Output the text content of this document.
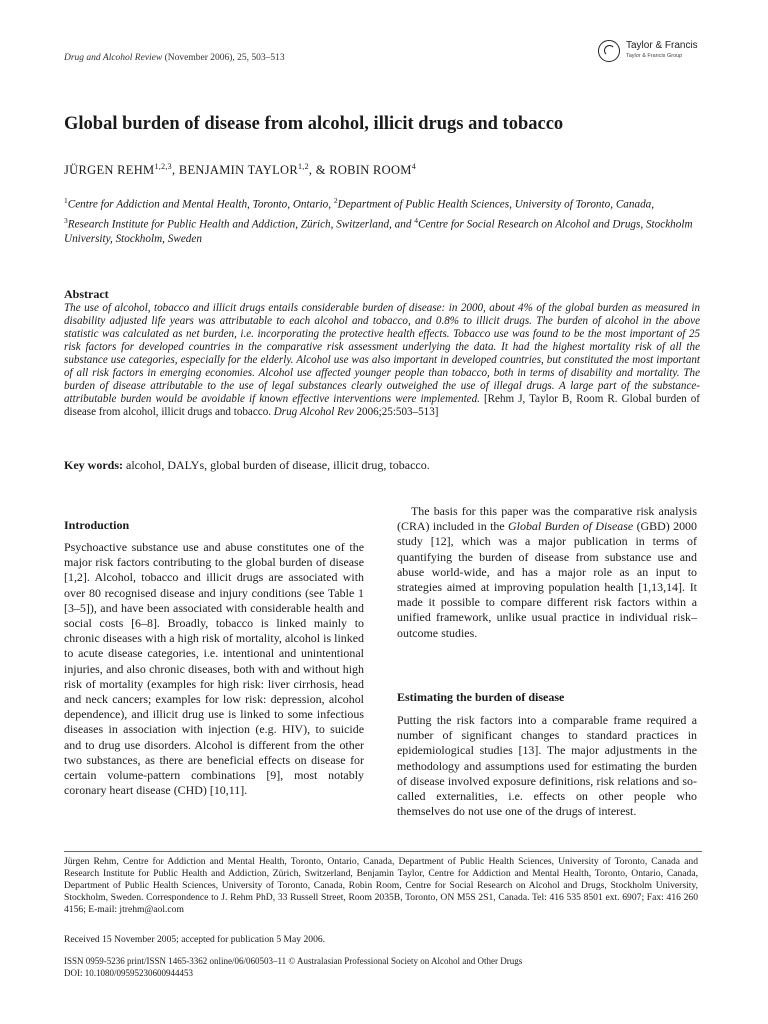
Drug and Alcohol Review (November 2006), 25, 503–513
Taylor & Francis
Taylor & Francis Group
Global burden of disease from alcohol, illicit drugs and tobacco
JÜRGEN REHM$^{1,2,3}$, BENJAMIN TAYLOR$^{1,2}$, & ROBIN ROOM$^4$
$^1$Centre for Addiction and Mental Health, Toronto, Ontario, $^2$Department of Public Health Sciences, University of Toronto, Canada, $^3$Research Institute for Public Health and Addiction, Zürich, Switzerland, and $^4$Centre for Social Research on Alcohol and Drugs, Stockholm University, Stockholm, Sweden
Abstract
The use of alcohol, tobacco and illicit drugs entails considerable burden of disease: in 2000, about 4% of the global burden as measured in disability adjusted life years was attributable to each alcohol and tobacco, and 0.8% to illicit drugs. The burden of alcohol in the above statistic was calculated as net burden, i.e. incorporating the protective health effects. Tobacco use was found to be the most important of 25 risk factors for developed countries in the comparative risk assessment underlying the data. It had the highest mortality risk of all the substance use categories, especially for the elderly. Alcohol use was also important in developed countries, but constituted the most important of all risk factors in emerging economies. Alcohol use affected younger people than tobacco, both in terms of disability and mortality. The burden of disease attributable to the use of legal substances clearly outweighed the use of illegal drugs. A large part of the substance-attributable burden would be avoidable if known effective interventions were implemented. [Rehm J, Taylor B, Room R. Global burden of disease from alcohol, illicit drugs and tobacco. Drug Alcohol Rev 2006;25:503–513]
Key words: alcohol, DALYs, global burden of disease, illicit drug, tobacco.
Introduction

Psychoactive substance use and abuse constitutes one of the major risk factors contributing to the global burden of disease [1,2]. Alcohol, tobacco and illicit drugs are associated with over 80 recognised disease and injury conditions (see Table 1 [3–5]), and have been associated with considerable health and social costs [6–8]. Broadly, tobacco is linked mainly to chronic diseases with a high risk of mortality, alcohol is linked to acute disease categories, i.e. intentional and unintentional injuries, and also chronic diseases, both with and without high risk of mortality (examples for high risk: liver cirrhosis, head and neck cancers; examples for low risk: depression, alcohol dependence), and illicit drug use is linked to some infectious diseases in association with injection (e.g. HIV), to suicide and to drug use disorders. Alcohol is different from the other two substances, as there are beneficial effects on disease for certain volume-pattern combinations [9], most notably coronary heart disease (CHD) [10,11].

The basis for this paper was the comparative risk analysis (CRA) included in the Global Burden of Disease (GBD) 2000 study [12], which was a major publication in terms of quantifying the burden of disease from substance use and abuse world-wide, and has a major role as an input to strategies aimed at improving population health [1,13,14]. It made it possible to compare different risk factors within a unified framework, unlike usual practice in individual risk–outcome studies.

Estimating the burden of disease

Putting the risk factors into a comparable frame required a number of significant changes to standard practices in epidemiological studies [13]. The major adjustments in the methodology and assumptions used for estimating the burden of disease involved exposure definitions, risk relations and so-called externalities, i.e. effects on other people who themselves do not use one of the drugs of interest.

Jürgen Rehm, Centre for Addiction and Mental Health, Toronto, Ontario, Canada, Department of Public Health Sciences, University of Toronto, Canada and Research Institute for Public Health and Addiction, Zürich, Switzerland, Benjamin Taylor, Centre for Addiction and Mental Health, Toronto, Ontario, Canada, Department of Public Health Sciences, University of Toronto, Canada, Robin Room, Centre for Social Research on Alcohol and Drugs, Stockholm University, Stockholm, Sweden. Correspondence to J. Rehm PhD, 33 Russell Street, Room 2035B, Toronto, ON M5S 2S1, Canada. Tel: 416 535 8501 ext. 6907; Fax: 416 260 4156; E-mail: jtrehm@aol.com
Received 15 November 2005; accepted for publication 5 May 2006.
ISSN 0959-5236 print/ISSN 1465-3362 online/06/060503–11 © Australasian Professional Society on Alcohol and Other Drugs
DOI: 10.1080/09595230600944453
